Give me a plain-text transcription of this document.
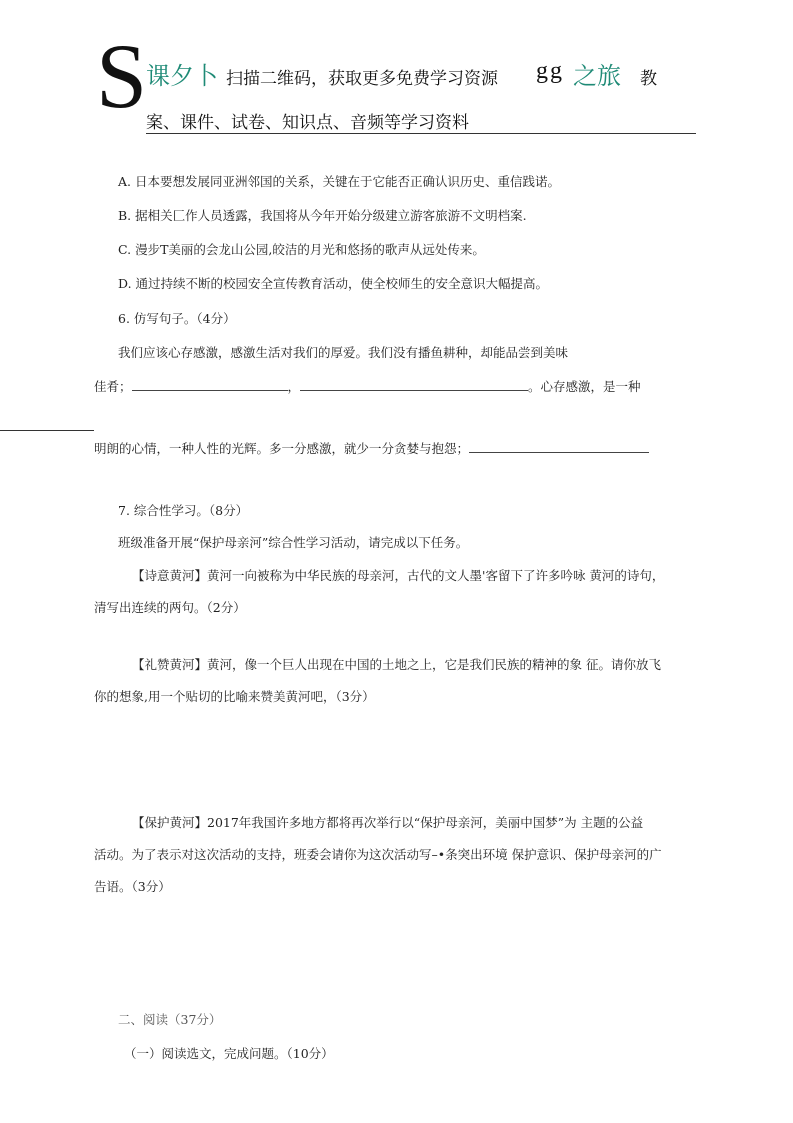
S
课夕卜 扫描二维码，获取更多免费学习资源 gg 之旅 教
案、课件、试卷、知识点、音频等学习资料
A. 日本要想发展同亚洲邻国的关系，关键在于它能否正确认识历史、重信践诺。
B. 据相关匚作人员透露，我国将从今年开始分级建立游客旅游不文明档案.
C. 漫步T美丽的会龙山公园,皎洁的月光和悠扬的歌声从远处传来。
D. 通过持续不断的校园安全宣传教育活动，使全校师生的安全意识大幅提高。
6. 仿写句子。（4分）
我们应该心存感激，感激生活对我们的厚爱。我们没有播鱼耕种，却能品尝到美味
佳肴；	，	。心存感激，是一种
明朗的心情，一种人性的光辉。多一分感激，就少一分贪婪与抱怨；
7. 综合性学习。（8分）
班级准备开展“保护母亲河”综合性学习活动，请完成以下任务。
【诗意黄河】黄河一向被称为中华民族的母亲河，古代的文人墨'客留下了许多吟咏 黄河的诗句，
清写出连续的两句。（2分）
【礼赞黄河】黄河，像一个巨人出现在中国的土地之上，它是我们民族的精神的象 征。请你放飞
你的想象,用一个贴切的比喻来赞美黄河吧，（3分）
【保护黄河】2017年我国许多地方都将再次举行以“保护母亲河，美丽中国梦”为 主题的公益
活动。为了表示对这次活动的支持，班委会请你为这次活动写–•条突出环境 保护意识、保护母亲河的广
告语。（3分）
二、阅读（37分）
（一）阅读选文，完成问题。（10分）
